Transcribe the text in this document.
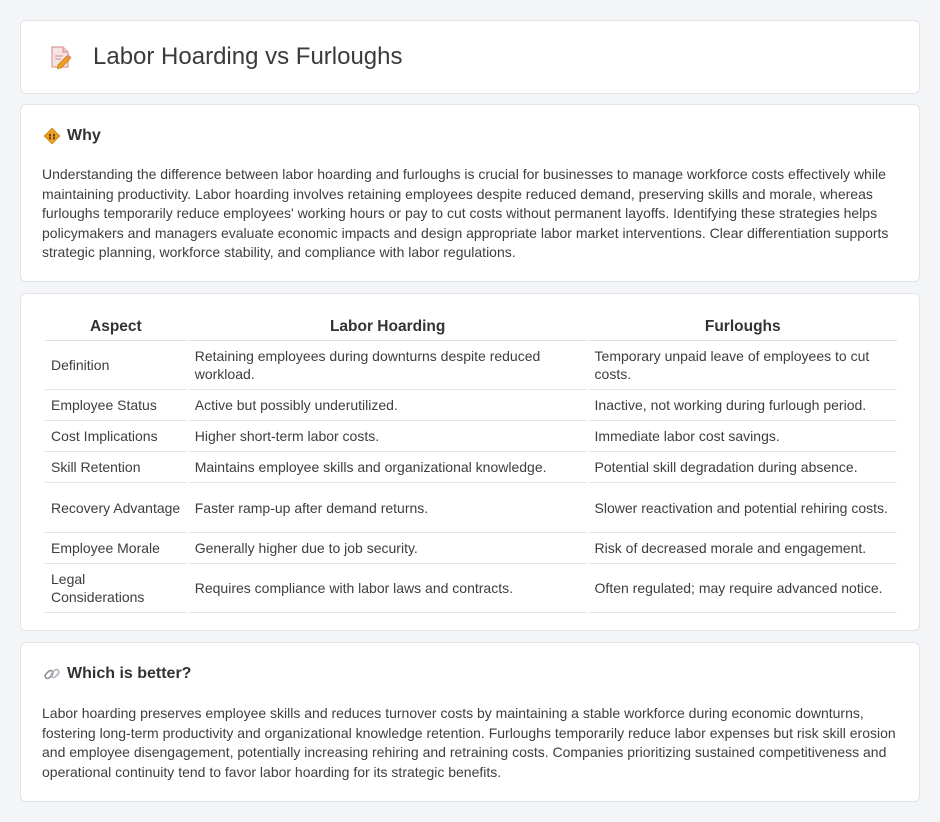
Labor Hoarding vs Furloughs
Why

Understanding the difference between labor hoarding and furloughs is crucial for businesses to manage workforce costs effectively while maintaining productivity. Labor hoarding involves retaining employees despite reduced demand, preserving skills and morale, whereas furloughs temporarily reduce employees' working hours or pay to cut costs without permanent layoffs. Identifying these strategies helps policymakers and managers evaluate economic impacts and design appropriate labor market interventions. Clear differentiation supports strategic planning, workforce stability, and compliance with labor regulations.

Aspect	Labor Hoarding	Furloughs
Definition	Retaining employees during downturns despite reduced workload.	Temporary unpaid leave of employees to cut costs.
Employee Status	Active but possibly underutilized.	Inactive, not working during furlough period.
Cost Implications	Higher short-term labor costs.	Immediate labor cost savings.
Skill Retention	Maintains employee skills and organizational knowledge.	Potential skill degradation during absence.
Recovery Advantage	Faster ramp-up after demand returns.	Slower reactivation and potential rehiring costs.
Employee Morale	Generally higher due to job security.	Risk of decreased morale and engagement.
Legal Considerations	Requires compliance with labor laws and contracts.	Often regulated; may require advanced notice.
Which is better?

Labor hoarding preserves employee skills and reduces turnover costs by maintaining a stable workforce during economic downturns, fostering long-term productivity and organizational knowledge retention. Furloughs temporarily reduce labor expenses but risk skill erosion and employee disengagement, potentially increasing rehiring and retraining costs. Companies prioritizing sustained competitiveness and operational continuity tend to favor labor hoarding for its strategic benefits.
